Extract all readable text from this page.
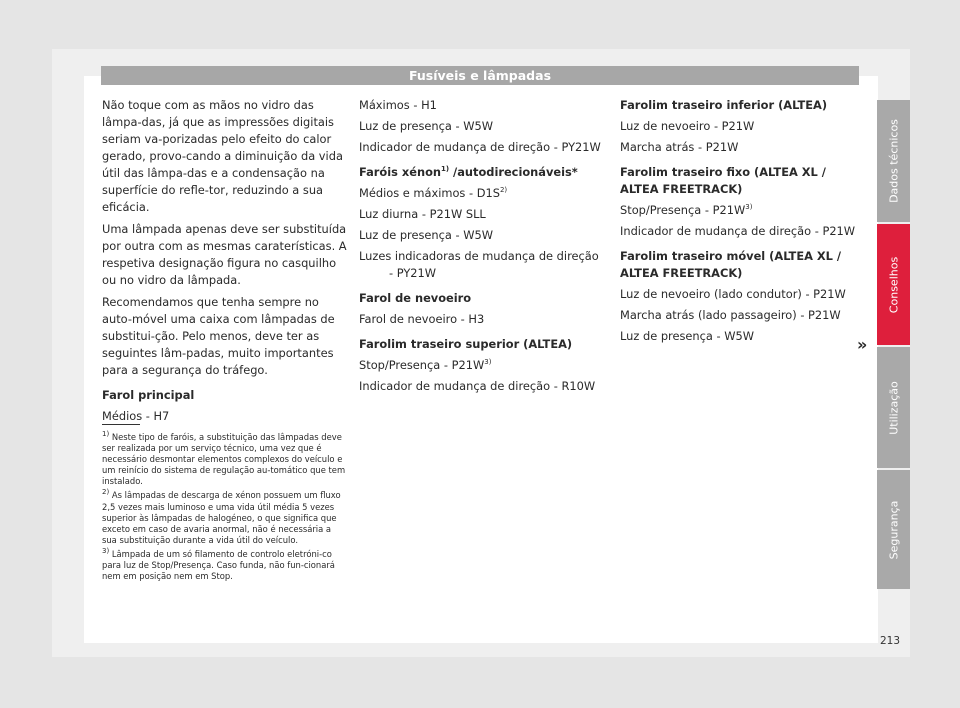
Fusíveis e lâmpadas

Não toque com as mãos no vidro das lâmpa-das, já que as impressões digitais seriam va-porizadas pelo efeito do calor gerado, provo-cando a diminuição da vida útil das lâmpa-das e a condensação na superfície do refle-tor, reduzindo a sua eficácia.

Uma lâmpada apenas deve ser substituída por outra com as mesmas caraterísticas. A respetiva designação figura no casquilho ou no vidro da lâmpada.

Recomendamos que tenha sempre no auto-móvel uma caixa com lâmpadas de substitui-ção. Pelo menos, deve ter as seguintes lâm-padas, muito importantes para a segurança do tráfego.

Farol principal
Médios - H7
Máximos - H1
Luz de presença - W5W
Indicador de mudança de direção - PY21W
Faróis xénon$^{1)}$ /autodirecionáveis*
Médios e máximos - $D1S^{2)}$
Luz diurna - P21W SLL
Luz de presença - W5W
Luzes indicadoras de mudança de direção - PY21W
Farol de nevoeiro
Farol de nevoeiro - H3
Farolim traseiro superior (ALTEA)
Stop/Presença - $P21W^{3)}$
Indicador de mudança de direção - R10W
Farolim traseiro inferior (ALTEA)
Luz de nevoeiro - P21W
Marcha atrás - P21W
Farolim traseiro fixo (ALTEA XL / ALTEA FREETRACK)
Stop/Presença - $P21W^{3)}$
Indicador de mudança de direção - P21W
Farolim traseiro móvel (ALTEA XL / ALTEA FREETRACK)
Luz de nevoeiro (lado condutor) - P21W
Marcha atrás (lado passageiro) - P21W
Luz de presença - W5W

$^{1)}$ Neste tipo de faróis, a substituição das lâmpadas deve ser realizada por um serviço técnico, uma vez que é necessário desmontar elementos complexos do veículo e um reinício do sistema de regulação au-tomático que tem instalado.

$^{2)}$ As lâmpadas de descarga de xénon possuem um fluxo 2,5 vezes mais luminoso e uma vida útil média 5 vezes superior às lâmpadas de halogéneo, o que significa que exceto em caso de avaria anormal, não é necessária a sua substituição durante a vida útil do veículo.

$^{3)}$ Lâmpada de um só filamento de controlo eletróni-co para luz de Stop/Presença. Caso funda, não fun-cionará nem em posição nem em Stop.

Dados técnicos
Conselhos
Utilização
Segurança
»
213
